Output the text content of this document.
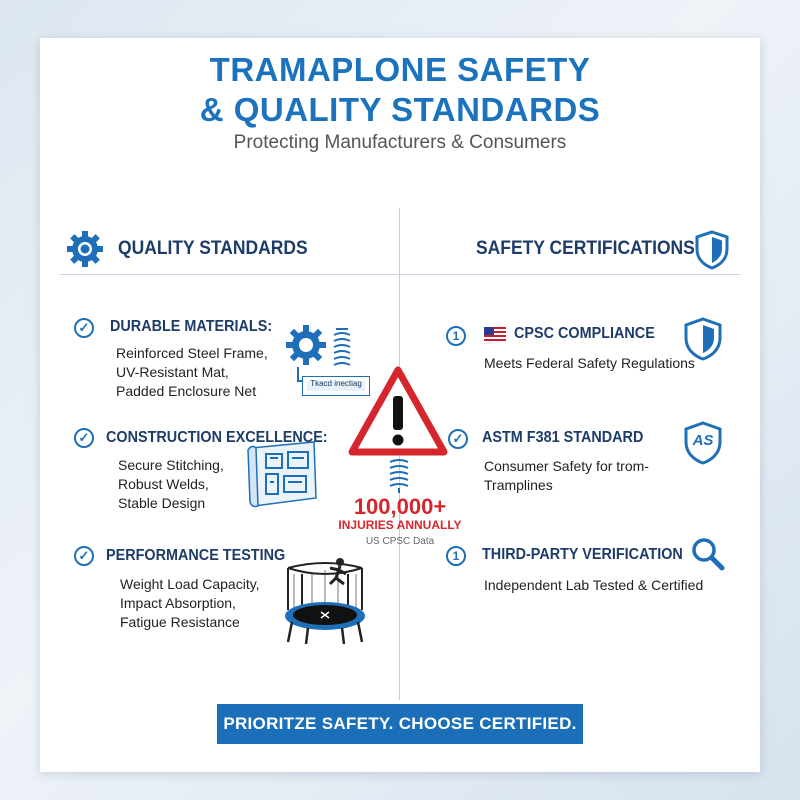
TRAMAPLONE SAFETY
& QUALITY STANDARDS
Protecting Manufacturers & Consumers
QUALITY STANDARDS	SAFETY CERTIFICATIONS
✓ DURABLE MATERIALS:
Reinforced Steel Frame,
UV-Resistant Mat,
Padded Enclosure Net	Tkacd inectiag
✓ CONSTRUCTION EXCELLENCE:
Secure Stitching,
Robust Welds,
Stable Design
✓ PERFORMANCE TESTING
Weight Load Capacity,
Impact Absorption,
Fatigue Resistance
100,000+
INJURIES ANNUALLY
US CPSC Data
1	CPSC COMPLIANCE
Meets Federal Safety Regulations
✓ ASTM F381 STANDARD
Consumer Safety for trom-
Tramplines
AS
1	THIRD-PARTY VERIFICATION
Independent Lab Tested & Certified
PRIORITZE SAFETY. CHOOSE CERTIFIED.
